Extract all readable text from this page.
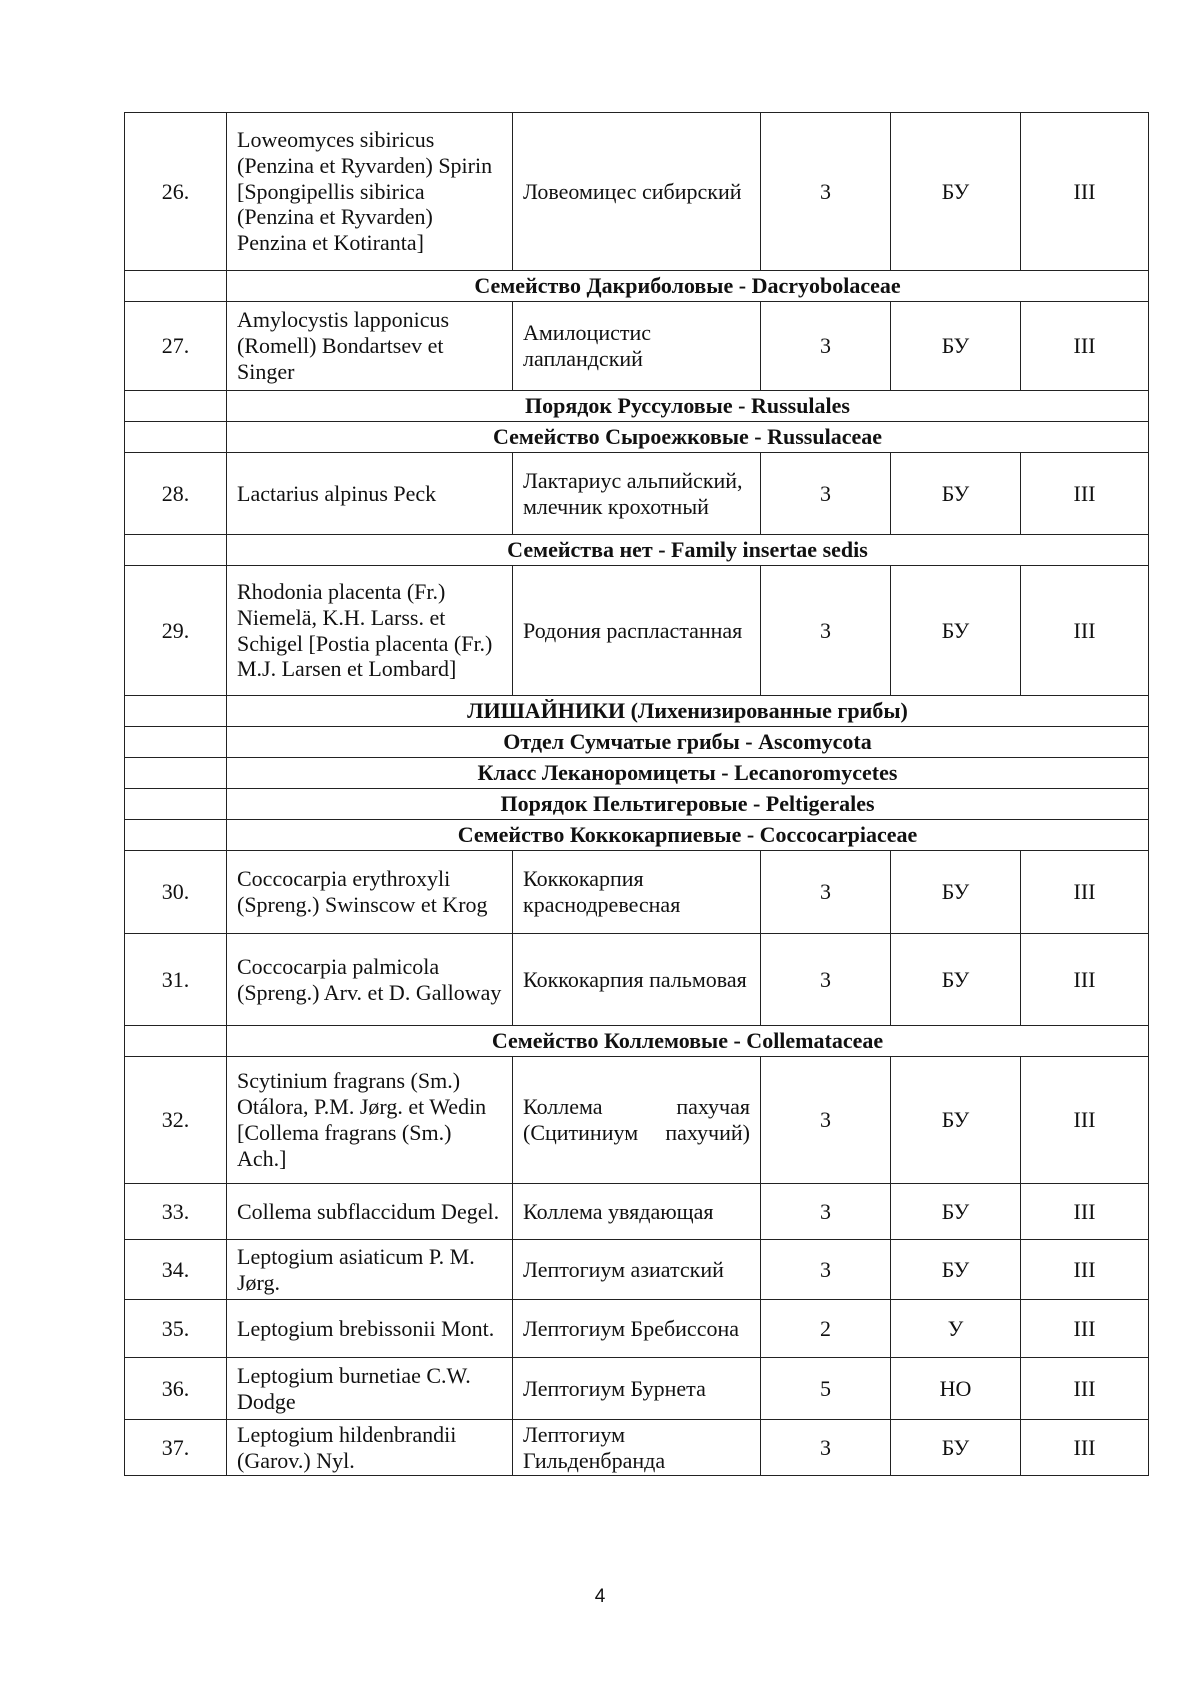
26.	Loweomyces sibiricus (Penzina et Ryvarden) Spirin [Spongipellis sibirica (Penzina et Ryvarden) Penzina et Kotiranta]	Ловеомицес сибирский	3	БУ	III
	Семейство Дакриболовые - Dacryobolaceae				
27.	Amylocystis lapponicus (Romell) Bondartsev et Singer	Амилоцистис лапландский	3	БУ	III
	Порядок Руссуловые - Russulales				
	Семейство Сыроежковые - Russulaceae				
28.	Lactarius alpinus Peck	Лактариус альпийский, млечник крохотный	3	БУ	III
	Семейства нет - Family insertae sedis				
29.	Rhodonia placenta (Fr.) Niemelä, K.H. Larss. et Schigel [Postia placenta (Fr.) M.J. Larsen et Lombard]	Родония распластанная	3	БУ	III
	ЛИШАЙНИКИ (Лихенизированные грибы)				
	Отдел Сумчатые грибы - Ascomycota				
	Класс Леканоромицеты - Lecanoromycetes				
	Порядок Пельтигеровые - Peltigerales				
	Семейство Коккокарпиевые - Coccocarpiaceae				
30.	Coccocarpia erythroxyli (Spreng.) Swinscow et Krog	Коккокарпия краснодревесная	3	БУ	III
31.	Coccocarpia palmicola (Spreng.) Arv. et D. Galloway	Коккокарпия пальмовая	3	БУ	III
	Семейство Коллемовые - Collemataceae				
32.	Scytinium fragrans (Sm.) Otálora, P.M. Jørg. et Wedin [Collema fragrans (Sm.) Ach.]	Коллема пахучая (Сцитиниум пахучий)	3	БУ	III
33.	Collema subflaccidum Degel.	Коллема увядающая	3	БУ	III
34.	Leptogium asiaticum P. M. Jørg.	Лептогиум азиатский	3	БУ	III
35.	Leptogium brebissonii Mont.	Лептогиум Бребиссона	2	У	III
36.	Leptogium burnetiae C.W. Dodge	Лептогиум Бурнета	5	НО	III
37.	Leptogium hildenbrandii (Garov.) Nyl.	Лептогиум Гильденбранда	3	БУ	III
4
